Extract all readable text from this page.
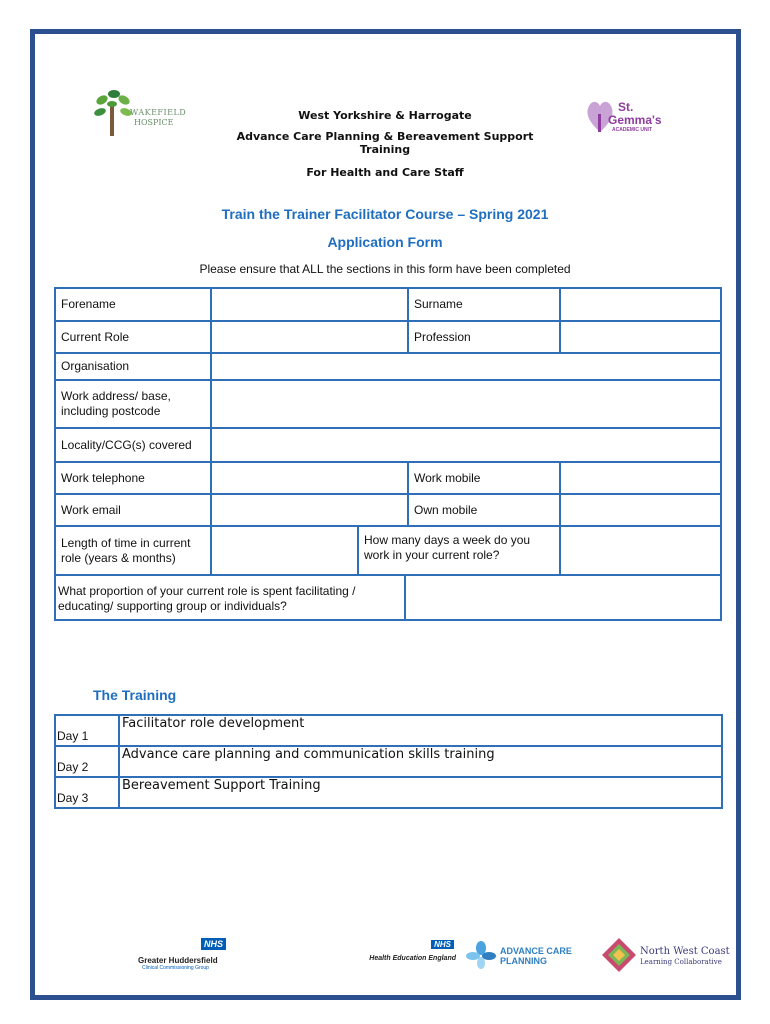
WAKEFIELD
HOSPICE
St.
Gemma's
ACADEMIC UNIT
West Yorkshire & Harrogate
Advance Care Planning & Bereavement Support Training
For Health and Care Staff
Train the Trainer Facilitator Course – Spring 2021
Application Form
Please ensure that ALL the sections in this form have been completed
Forename			Surname	
Current Role			Profession	
Organisation				
Work address/ base, including postcode				
Locality/CCG(s) covered				
Work telephone			Work mobile	
Work email			Own mobile	
Length of time in current role (years & months)		How many days a week do you work in your current role?		
What proportion of your current role is spent facilitating / educating/ supporting group or individuals?	
The Training
Day 1	Facilitator role development
Day 2	Advance care planning and communication skills training
Day 3	Bereavement Support Training
NHS
Greater Huddersfield
Clinical Commissioning Group
NHS
Health Education England
ADVANCE CARE
PLANNING
North West Coast
Learning Collaborative
